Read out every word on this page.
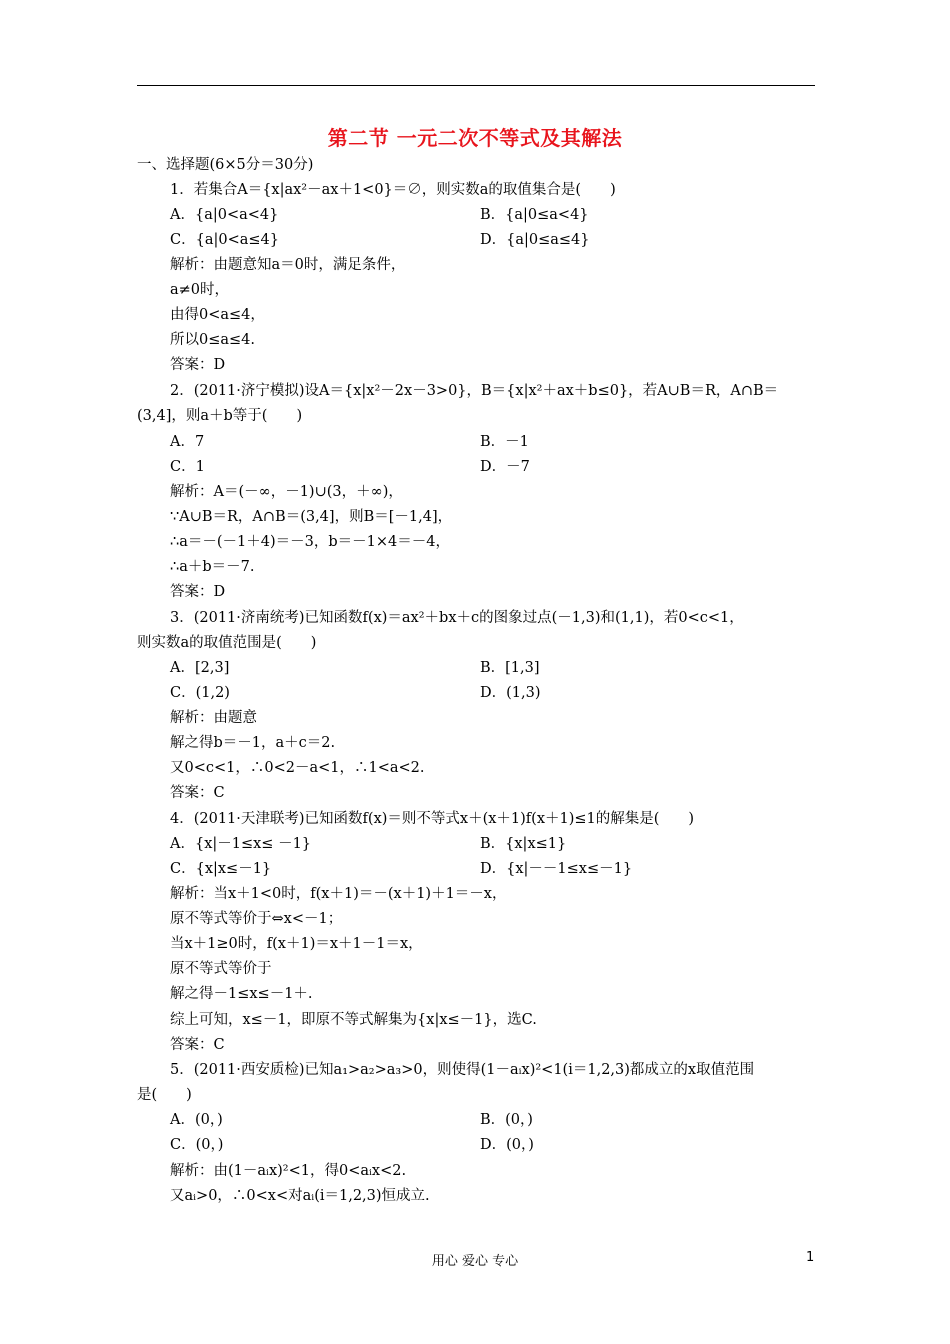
第二节 一元二次不等式及其解法
一、选择题(6×5分＝30分)
1．若集合A＝{x|ax²－ax＋1<0}＝∅，则实数a的取值集合是(　　)
A．{a|0<a<4}	B．{a|0≤a<4}
C．{a|0<a≤4}	D．{a|0≤a≤4}
解析：由题意知a＝0时，满足条件，
a≠0时，
由得0<a≤4，
所以0≤a≤4.
答案：D
2．(2011·济宁模拟)设A＝{x|x²－2x－3>0}，B＝{x|x²＋ax＋b≤0}，若A∪B＝R，A∩B＝
(3,4]，则a＋b等于(　　)
A．7	B．－1
C．1	D．－7
解析：A＝(－∞，－1)∪(3，＋∞)，
∵A∪B＝R，A∩B＝(3,4]，则B＝[－1,4]，
∴a＝－(－1＋4)＝－3，b＝－1×4＝－4，
∴a＋b＝－7.
答案：D
3．(2011·济南统考)已知函数f(x)＝ax²＋bx＋c的图象过点(－1,3)和(1,1)，若0<c<1，
则实数a的取值范围是(　　)
A．[2,3]	B．[1,3]
C．(1,2)	D．(1,3)
解析：由题意
解之得b＝－1，a＋c＝2.
又0<c<1，∴0<2－a<1，∴1<a<2.
答案：C
4．(2011·天津联考)已知函数f(x)＝则不等式x＋(x＋1)f(x＋1)≤1的解集是(　　)
A．{x|－1≤x≤ －1}	B．{x|x≤1}
C．{x|x≤－1}	D．{x|－－1≤x≤－1}
解析：当x＋1<0时，f(x＋1)＝－(x＋1)＋1＝－x，
原不等式等价于⇔x<－1；
当x＋1≥0时，f(x＋1)＝x＋1－1＝x，
原不等式等价于
解之得－1≤x≤－1＋.
综上可知，x≤－1，即原不等式解集为{x|x≤－1}，选C.
答案：C
5．(2011·西安质检)已知a₁>a₂>a₃>0，则使得(1－aᵢx)²<1(i＝1,2,3)都成立的x取值范围
是(　　)
A．(0，)	B．(0，)
C．(0，)	D．(0，)
解析：由(1－aᵢx)²<1，得0<aᵢx<2.
又aᵢ>0，∴0<x<对aᵢ(i＝1,2,3)恒成立.
用心 爱心 专心	1
